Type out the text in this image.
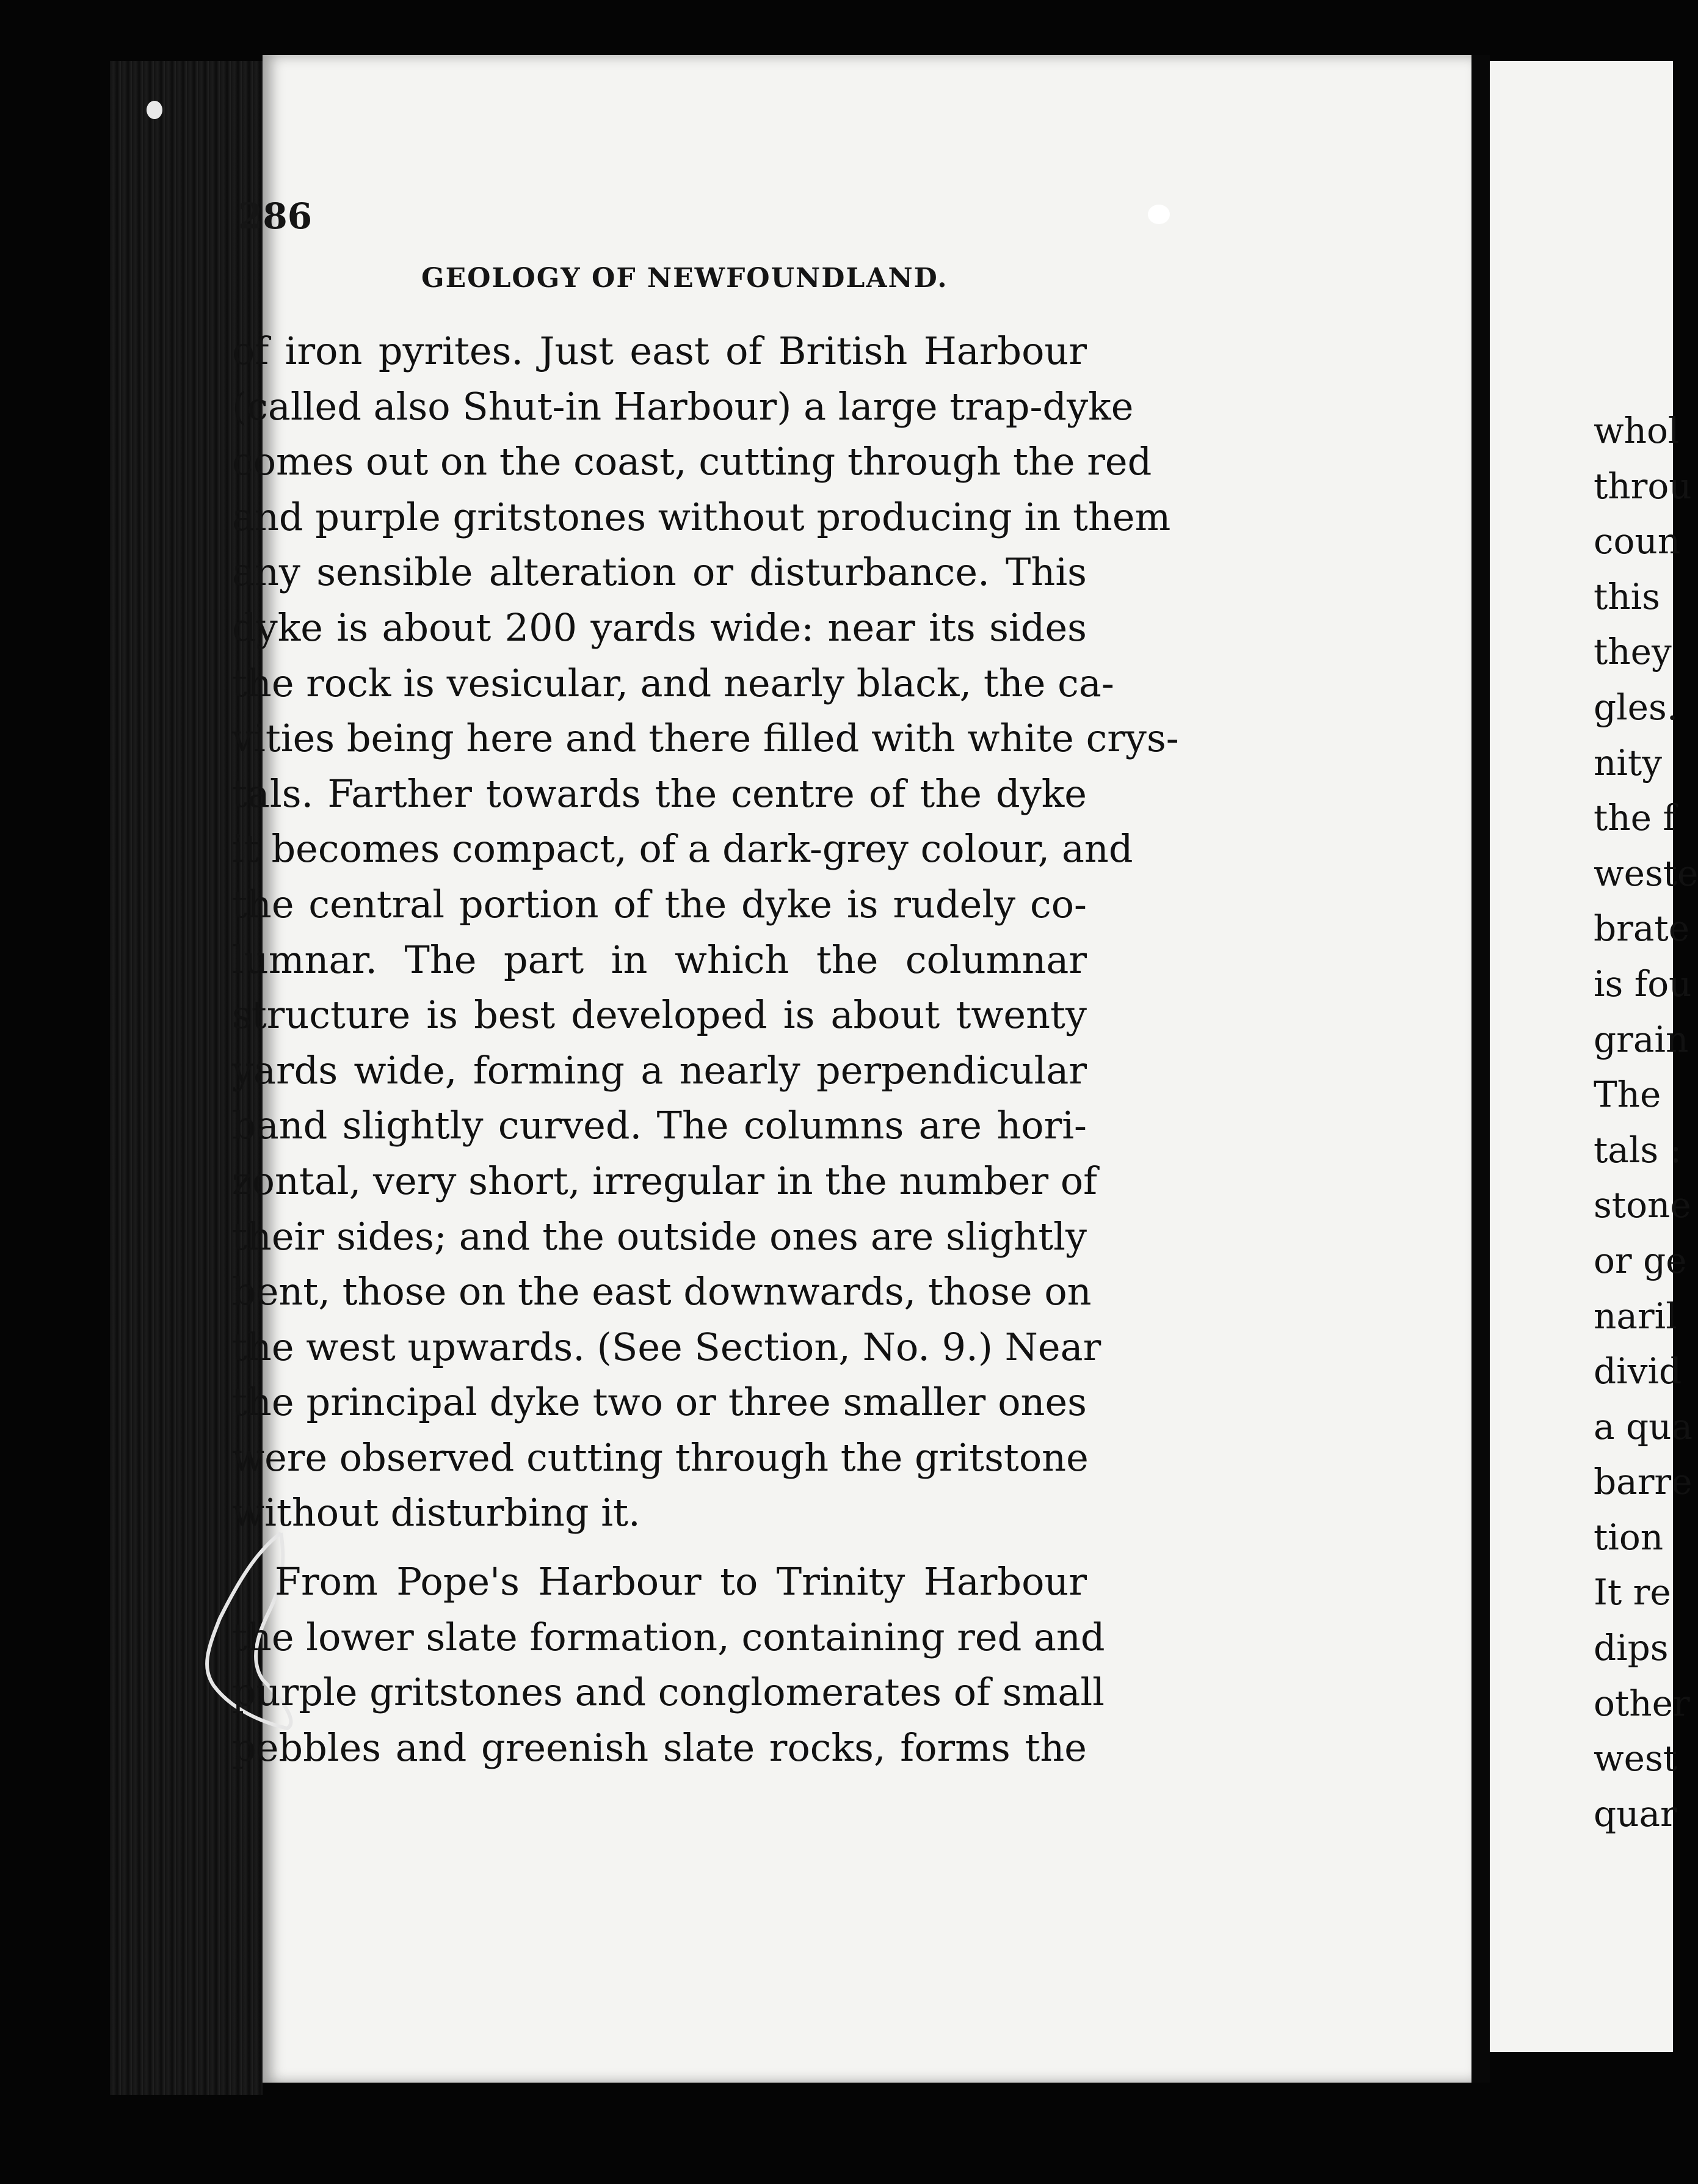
whol
throu
coun
this
they
gles.
nity
the f
weste
brate
is fou
grain
The
tals :
stone
or ge
naril
divid
a qua
barre
tion
It re
dips
other
west
quar
286
GEOLOGY OF NEWFOUNDLAND.
of iron pyrites. Just east of British Harbour
(called also Shut-in Harbour) a large trap-dyke
comes out on the coast, cutting through the red
and purple gritstones without producing in them
any sensible alteration or disturbance. This
dyke is about 200 yards wide: near its sides
the rock is vesicular, and nearly black, the ca-
vities being here and there filled with white crys-
tals. Farther towards the centre of the dyke
it becomes compact, of a dark-grey colour, and
the central portion of the dyke is rudely co-
lumnar. The part in which the columnar
structure is best developed is about twenty
yards wide, forming a nearly perpendicular
band slightly curved. The columns are hori-
zontal, very short, irregular in the number of
their sides; and the outside ones are slightly
bent, those on the east downwards, those on
the west upwards. (See Section, No. 9.) Near
the principal dyke two or three smaller ones
were observed cutting through the gritstone
without disturbing it.
From Pope's Harbour to Trinity Harbour
the lower slate formation, containing red and
purple gritstones and conglomerates of small
pebbles and greenish slate rocks, forms the
